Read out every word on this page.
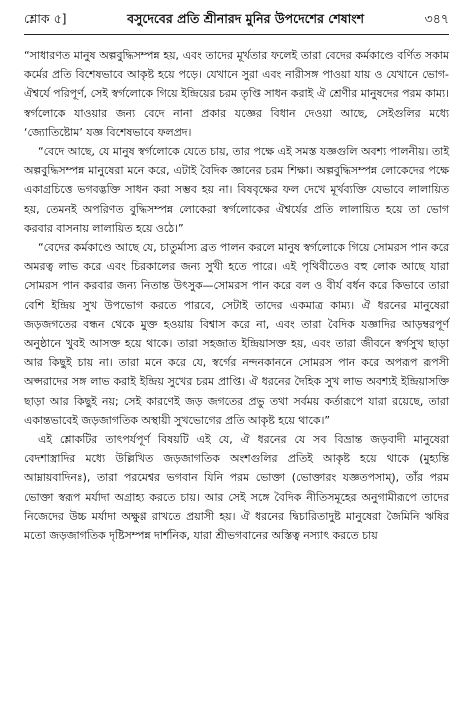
শ্লোক ৫]	বসুদেবের প্রতি শ্রীনারদ মুনির উপদেশের শেষাংশ	৩৪৭

“সাধারণত মানুষ অল্পবুদ্ধিসম্পন্ন হয়, এবং তাদের মূর্খতার ফলেই তারা বেদের কর্মকাণ্ডে বর্ণিত সকাম কর্মের প্রতি বিশেষভাবে আকৃষ্ট হয়ে পড়ে। যেখানে সুরা এবং নারীসঙ্গ পাওয়া যায় ও যেখানে ভোগ-ঐশ্বর্যে পরিপূর্ণ, সেই স্বর্গলোকে গিয়ে ইন্দ্রিয়ের চরম তৃপ্তি সাধন করাই ঐ শ্রেণীর মানুষদের পরম কাম্য। স্বর্গলোকে যাওয়ার জন্য বেদে নানা প্রকার যজ্ঞের বিধান দেওয়া আছে, সেইগুলির মধ্যে ‘জ্যোতিষ্টোম’ যজ্ঞ বিশেষভাবে ফলপ্রদ।

“বেদে আছে, যে মানুষ স্বর্গলোকে যেতে চায়, তার পক্ষে এই সমস্ত যজ্ঞগুলি অবশ্য পালনীয়। তাই অল্পবুদ্ধিসম্পন্ন মানুষেরা মনে করে, এটাই বৈদিক জ্ঞানের চরম শিক্ষা। অল্পবুদ্ধিসম্পন্ন লোকেদের পক্ষে একাগ্রচিত্তে ভগবদ্ভক্তি সাধন করা সম্ভব হয় না। বিষবৃক্ষের ফল দেখে মূর্খব্যক্তি যেভাবে লালায়িত হয়, তেমনই অপরিণত বুদ্ধিসম্পন্ন লোকেরা স্বর্গলোকের ঐশ্বর্যের প্রতি লালায়িত হয়ে তা ভোগ করবার বাসনায় লালায়িত হয়ে ওঠে।”

“বেদের কর্মকাণ্ডে আছে যে, চাতুর্মাস্য ব্রত পালন করলে মানুষ স্বর্গলোকে গিয়ে সোমরস পান করে অমরত্ব লাভ করে এবং চিরকালের জন্য সুখী হতে পারে। এই পৃথিবীতেও বহু লোক আছে যারা সোমরস পান করবার জন্য নিতান্ত উৎসুক—সোমরস পান করে বল ও বীর্য বর্ধন করে কিভাবে তারা বেশি ইন্দ্রিয় সুখ উপভোগ করতে পারবে, সেটাই তাদের একমাত্র কাম্য। ঐ ধরনের মানুষেরা জড়জগতের বন্ধন থেকে মুক্ত হওয়ায় বিশ্বাস করে না, এবং তারা বৈদিক যজ্ঞাদির আড়ম্বরপূর্ণ অনুষ্ঠানে খুবই আসক্ত হয়ে থাকে। তারা সহজাত ইন্দ্রিয়াসক্ত হয়, এবং তারা জীবনে স্বর্গসুখ ছাড়া আর কিছুই চায় না। তারা মনে করে যে, স্বর্গের নন্দনকাননে সোমরস পান করে অপরূপ রূপসী অপ্সরাদের সঙ্গ লাভ করাই ইন্দ্রিয় সুখের চরম প্রাপ্তি। ঐ ধরনের দৈহিক সুখ লাভ অবশ্যই ইন্দ্রিয়াসক্তি ছাড়া আর কিছুই নয়; সেই কারণেই জড় জগতের প্রভু তথা সর্বময় কর্তারূপে যারা রয়েছে, তারা একান্তভাবেই জড়জাগতিক অস্থায়ী সুখভোগের প্রতি আকৃষ্ট হয়ে থাকে।”

এই শ্লোকটির তাৎপর্যপূর্ণ বিষয়টি এই যে, ঐ ধরনের যে সব বিভ্রান্ত জড়বাদী মানুষেরা বেদশাস্ত্রাদির মধ্যে উল্লিখিত জড়জাগতিক অংশগুলির প্রতিই আকৃষ্ট হয়ে থাকে (মুহ্যন্তি আম্নায়বাদিনঃ), তারা পরমেশ্বর ভগবান যিনি পরম ভোক্তা (ভোক্তারং যজ্ঞতপসাম্), তাঁর পরম ভোক্তা স্বরূপ মর্যাদা অগ্রাহ্য করতে চায়। আর সেই সঙ্গে বৈদিক নীতিসমূহের অনুগামীরূপে তাদের নিজেদের উচ্চ মর্যাদা অক্ষুণ্ণ রাখতে প্রয়াসী হয়। ঐ ধরনের দ্বিচারিতাদুষ্ট মানুষেরা জৈমিনি ঋষির মতো জড়জাগতিক দৃষ্টিসম্পন্ন দার্শনিক, যারা শ্রীভগবানের অস্তিত্ব নস্যাৎ করতে চায়
